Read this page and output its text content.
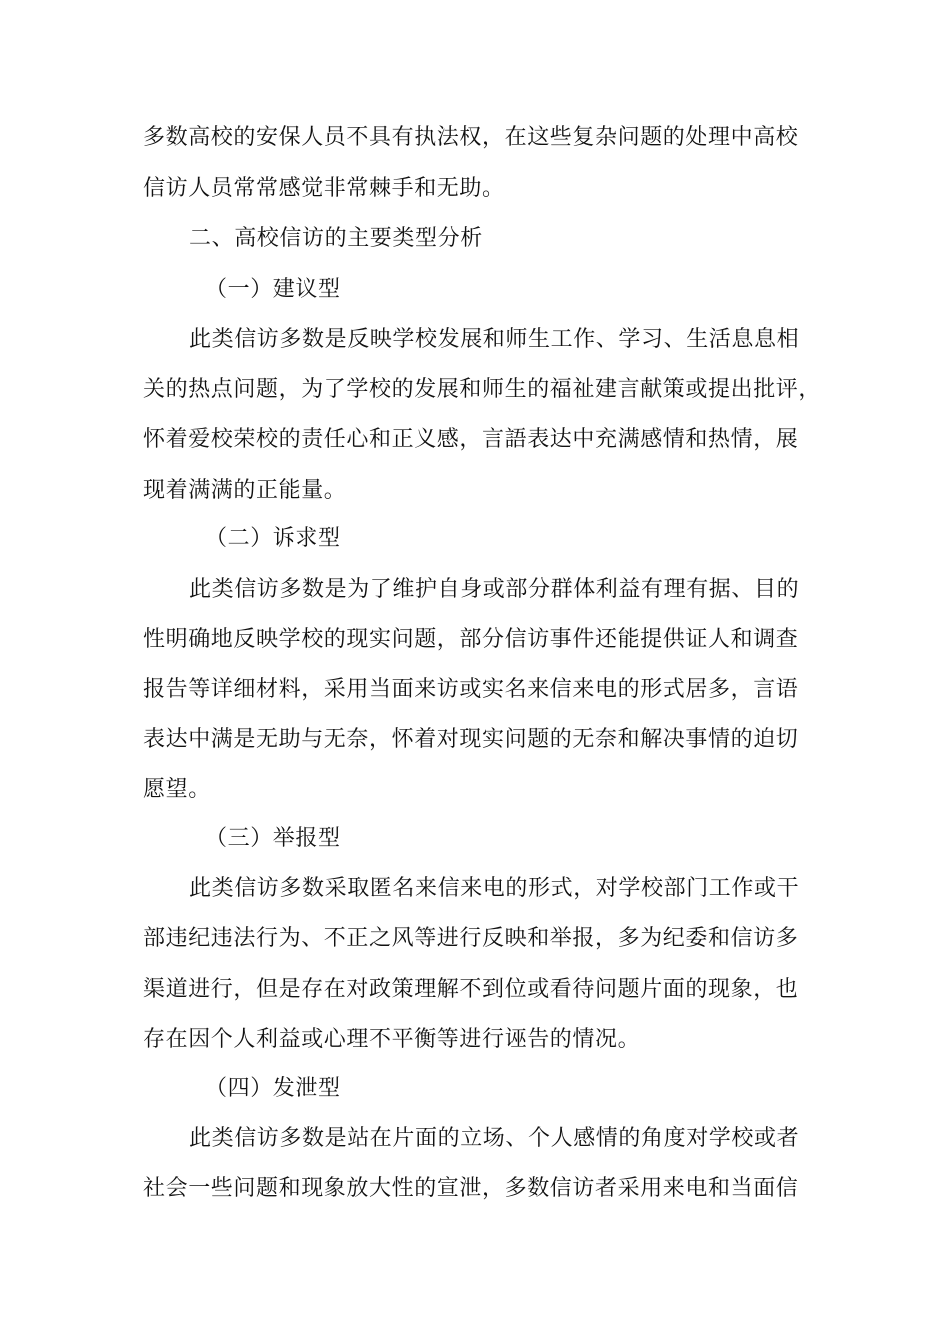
多数高校的安保人员不具有执法权，在这些复杂问题的处理中高校
信访人员常常感觉非常棘手和无助。
二、高校信访的主要类型分析
（一）建议型
此类信访多数是反映学校发展和师生工作、学习、生活息息相
关的热点问题，为了学校的发展和师生的福祉建言献策或提出批评，
怀着爱校荣校的责任心和正义感，言語表达中充满感情和热情，展
现着满满的正能量。
（二）诉求型
此类信访多数是为了维护自身或部分群体利益有理有据、目的
性明确地反映学校的现实问题，部分信访事件还能提供证人和调查
报告等详细材料，采用当面来访或实名来信来电的形式居多，言语
表达中满是无助与无奈，怀着对现实问题的无奈和解决事情的迫切
愿望。
（三）举报型
此类信访多数采取匿名来信来电的形式，对学校部门工作或干
部违纪违法行为、不正之风等进行反映和举报，多为纪委和信访多
渠道进行，但是存在对政策理解不到位或看待问题片面的现象，也
存在因个人利益或心理不平衡等进行诬告的情况。
（四）发泄型
此类信访多数是站在片面的立场、个人感情的角度对学校或者
社会一些问题和现象放大性的宣泄，多数信访者采用来电和当面信
